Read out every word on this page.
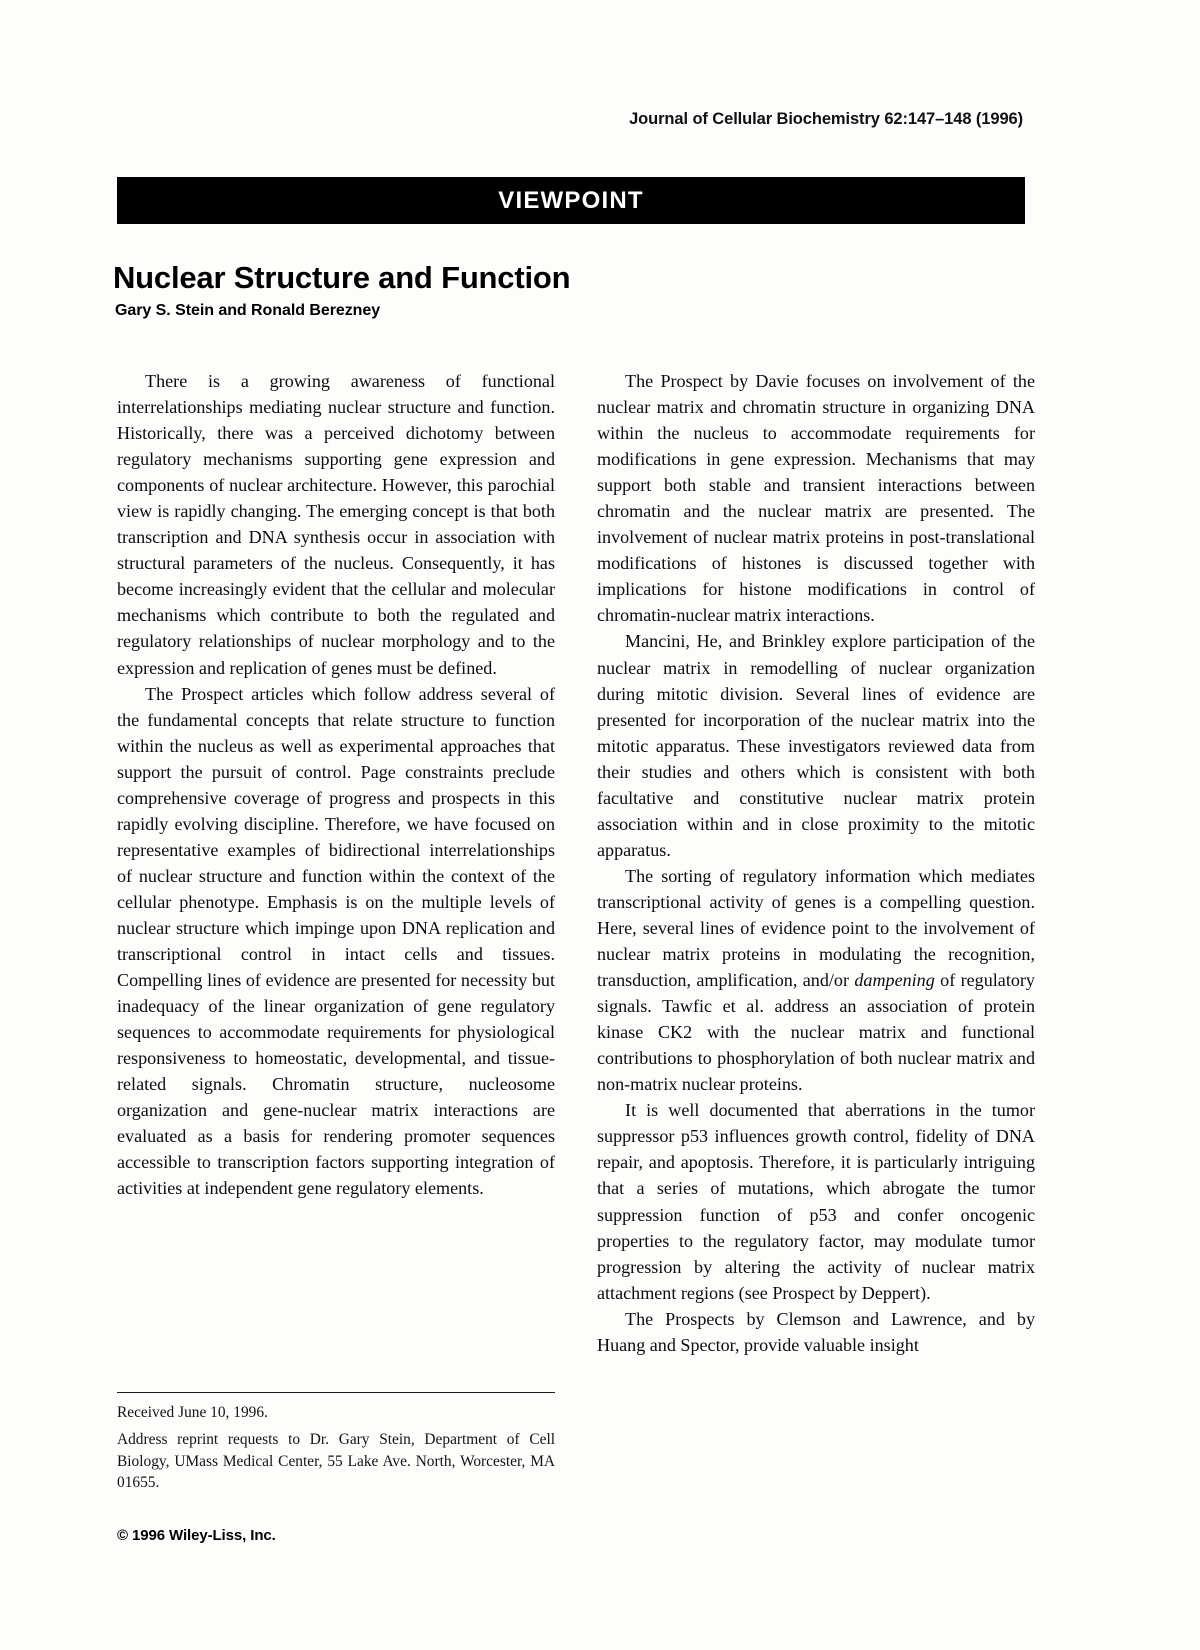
Journal of Cellular Biochemistry 62:147–148 (1996)
VIEWPOINT
Nuclear Structure and Function
Gary S. Stein and Ronald Berezney

There is a growing awareness of functional interrelationships mediating nuclear structure and function. Historically, there was a perceived dichotomy between regulatory mechanisms supporting gene expression and components of nuclear architecture. However, this parochial view is rapidly changing. The emerging concept is that both transcription and DNA synthesis occur in association with structural parameters of the nucleus. Consequently, it has become increasingly evident that the cellular and molecular mechanisms which contribute to both the regulated and regulatory relationships of nuclear morphology and to the expression and replication of genes must be defined.

The Prospect articles which follow address several of the fundamental concepts that relate structure to function within the nucleus as well as experimental approaches that support the pursuit of control. Page constraints preclude comprehensive coverage of progress and prospects in this rapidly evolving discipline. Therefore, we have focused on representative examples of bidirectional interrelationships of nuclear structure and function within the context of the cellular phenotype. Emphasis is on the multiple levels of nuclear structure which impinge upon DNA replication and transcriptional control in intact cells and tissues. Compelling lines of evidence are presented for necessity but inadequacy of the linear organization of gene regulatory sequences to accommodate requirements for physiological responsiveness to homeostatic, developmental, and tissue-related signals. Chromatin structure, nucleosome organization and gene-nuclear matrix interactions are evaluated as a basis for rendering promoter sequences accessible to transcription factors supporting integration of activities at independent gene regulatory elements.

The Prospect by Davie focuses on involvement of the nuclear matrix and chromatin structure in organizing DNA within the nucleus to accommodate requirements for modifications in gene expression. Mechanisms that may support both stable and transient interactions between chromatin and the nuclear matrix are presented. The involvement of nuclear matrix proteins in post-translational modifications of histones is discussed together with implications for histone modifications in control of chromatin-nuclear matrix interactions.

Mancini, He, and Brinkley explore participation of the nuclear matrix in remodelling of nuclear organization during mitotic division. Several lines of evidence are presented for incorporation of the nuclear matrix into the mitotic apparatus. These investigators reviewed data from their studies and others which is consistent with both facultative and constitutive nuclear matrix protein association within and in close proximity to the mitotic apparatus.

The sorting of regulatory information which mediates transcriptional activity of genes is a compelling question. Here, several lines of evidence point to the involvement of nuclear matrix proteins in modulating the recognition, transduction, amplification, and/or dampening of regulatory signals. Tawfic et al. address an association of protein kinase CK2 with the nuclear matrix and functional contributions to phosphorylation of both nuclear matrix and non-matrix nuclear proteins.

It is well documented that aberrations in the tumor suppressor p53 influences growth control, fidelity of DNA repair, and apoptosis. Therefore, it is particularly intriguing that a series of mutations, which abrogate the tumor suppression function of p53 and confer oncogenic properties to the regulatory factor, may modulate tumor progression by altering the activity of nuclear matrix attachment regions (see Prospect by Deppert).

The Prospects by Clemson and Lawrence, and by Huang and Spector, provide valuable insight

Received June 10, 1996.

Address reprint requests to Dr. Gary Stein, Department of Cell Biology, UMass Medical Center, 55 Lake Ave. North, Worcester, MA 01655.

© 1996 Wiley-Liss, Inc.
